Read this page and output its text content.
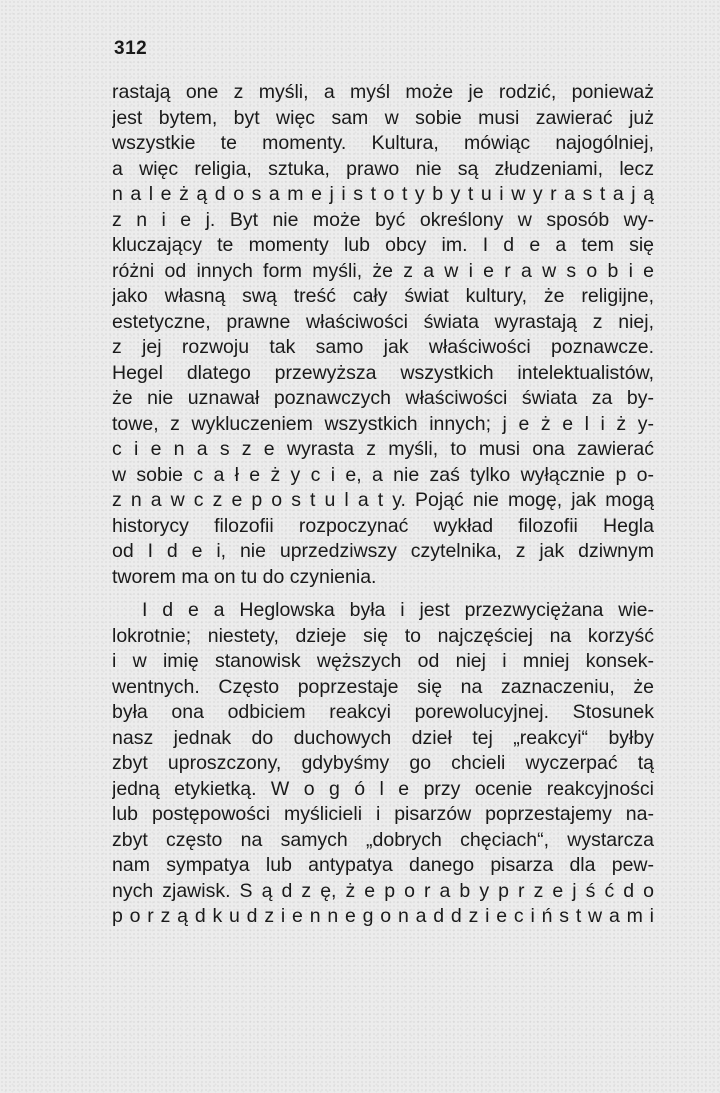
312
rastają one z myśli, a myśl może je rodzić, ponieważ
jest bytem, byt więc sam w sobie musi zawierać już
wszystkie te momenty. Kultura, mówiąc najogólniej,
a więc religia, sztuka, prawo nie są złudzeniami, lecz
n a l e ż ą d o s a m e j i s t o t y b y t u i w y r a s t a j ą
z n i e j. Byt nie może być określony w sposób wy-
kluczający te momenty lub obcy im. I d e a tem się
różni od innych form myśli, że z a w i e r a w s o b i e
jako własną swą treść cały świat kultury, że religijne,
estetyczne, prawne właściwości świata wyrastają z niej,
z jej rozwoju tak samo jak właściwości poznawcze.
Hegel dlatego przewyższa wszystkich intelektualistów,
że nie uznawał poznawczych właściwości świata za by-
towe, z wykluczeniem wszystkich innych; j e ż e l i ż y-
c i e n a s z e wyrasta z myśli, to musi ona zawierać
w sobie c a ł e ż y c i e, a nie zaś tylko wyłącznie p o-
z n a w c z e p o s t u l a t y. Pojąć nie mogę, jak mogą
historycy filozofii rozpoczynać wykład filozofii Hegla
od I d e i, nie uprzedziwszy czytelnika, z jak dziwnym
tworem ma on tu do czynienia.
I d e a Heglowska była i jest przezwyciężana wie-
lokrotnie; niestety, dzieje się to najczęściej na korzyść
i w imię stanowisk węższych od niej i mniej konsek-
wentnych. Często poprzestaje się na zaznaczeniu, że
była ona odbiciem reakcyi porewolucyjnej. Stosunek
nasz jednak do duchowych dzieł tej „reakcyi“ byłby
zbyt uproszczony, gdybyśmy go chcieli wyczerpać tą
jedną etykietką. W o g ó l e przy ocenie reakcyjności
lub postępowości myślicieli i pisarzów poprzestajemy na-
zbyt często na samych „dobrych chęciach“, wystarcza
nam sympatya lub antypatya danego pisarza dla pew-
nych zjawisk. S ą d z ę, ż e p o r a b y p r z e j ś ć d o
p o r z ą d k u d z i e n n e g o n a d d z i e c i ń s t w a m i
